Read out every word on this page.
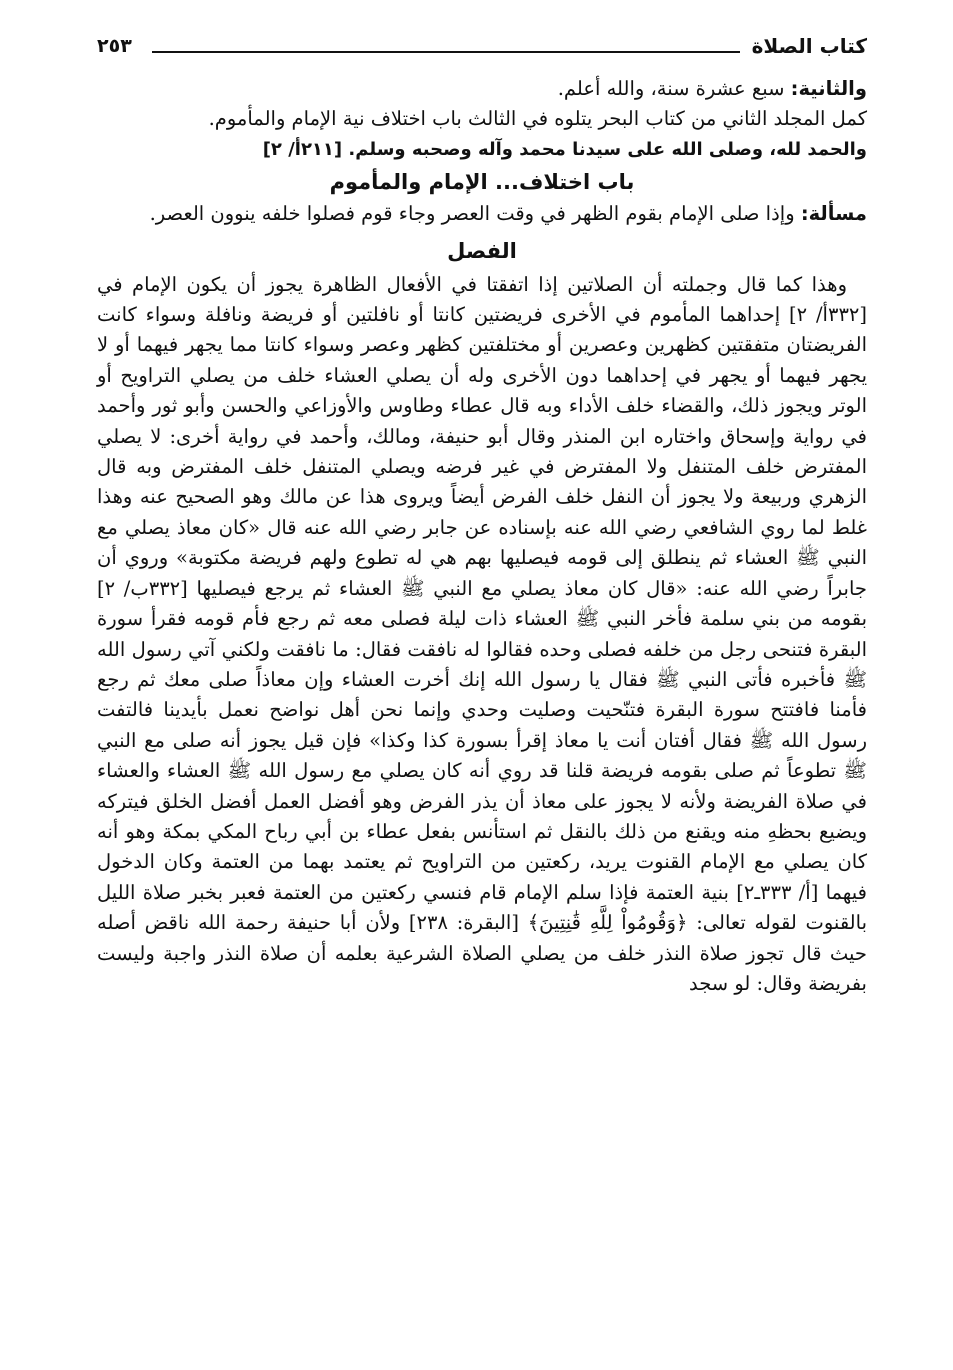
كتاب الصلاة
٢٥٣

والثانية: سبع عشرة سنة، والله أعلم.

كمل المجلد الثاني من كتاب البحر يتلوه في الثالث باب اختلاف نية الإمام والمأموم.

والحمد لله، وصلى الله على سيدنا محمد وآله وصحبه وسلم. [٢١١أ/ ٢]

باب اختلاف... الإمام والمأموم

مسألة: وإذا صلى الإمام بقوم الظهر في وقت العصر وجاء قوم فصلوا خلفه ينوون العصر.

الفصل

وهذا كما قال وجملته أن الصلاتين إذا اتفقتا في الأفعال الظاهرة يجوز أن يكون الإمام في [٣٣٢أ/ ٢] إحداهما المأموم في الأخرى فريضتين كانتا أو نافلتين أو فريضة ونافلة وسواء كانت الفريضتان متفقتين كظهرين وعصرين أو مختلفتين كظهر وعصر وسواء كانتا مما يجهر فيهما أو لا يجهر فيهما أو يجهر في إحداهما دون الأخرى وله أن يصلي العشاء خلف من يصلي التراويح أو الوتر ويجوز ذلك، والقضاء خلف الأداء وبه قال عطاء وطاوس والأوزاعي والحسن وأبو ثور وأحمد في رواية وإسحاق واختاره ابن المنذر وقال أبو حنيفة، ومالك، وأحمد في رواية أخرى: لا يصلي المفترض خلف المتنفل ولا المفترض في غير فرضه ويصلي المتنفل خلف المفترض وبه قال الزهري وربيعة ولا يجوز أن النفل خلف الفرض أيضاً ويروى هذا عن مالك وهو الصحيح عنه وهذا غلط لما روي الشافعي رضي الله عنه بإسناده عن جابر رضي الله عنه قال «كان معاذ يصلي مع النبي ﷺ العشاء ثم ينطلق إلى قومه فيصليها بهم هي له تطوع ولهم فريضة مكتوبة» وروي أن جابراً رضي الله عنه: «قال كان معاذ يصلي مع النبي ﷺ العشاء ثم يرجع فيصليها [٣٣٢ب/ ٢] بقومه من بني سلمة فأخر النبي ﷺ العشاء ذات ليلة فصلى معه ثم رجع فأم قومه فقرأ سورة البقرة فتنحى رجل من خلفه فصلى وحده فقالوا له نافقت فقال: ما نافقت ولكني آتي رسول الله ﷺ فأخبره فأتى النبي ﷺ فقال يا رسول الله إنك أخرت العشاء وإن معاذاً صلى معك ثم رجع فأمنا فافتتح سورة البقرة فتنّحيت وصليت وحدي وإنما نحن أهل نواضح نعمل بأيدينا فالتفت رسول الله ﷺ فقال أفتان أنت يا معاذ إقرأ بسورة كذا وكذا» فإن قيل يجوز أنه صلى مع النبي ﷺ تطوعاً ثم صلى بقومه فريضة قلنا قد روي أنه كان يصلي مع رسول الله ﷺ العشاء والعشاء في صلاة الفريضة ولأنه لا يجوز على معاذ أن يذر الفرض وهو أفضل العمل أفضل الخلق فيتركه ويضيع بحظهِ منه ويقنع من ذلك بالنقل ثم استأنس بفعل عطاء بن أبي رباح المكي بمكة وهو أنه كان يصلي مع الإمام القنوت يريد، ركعتين من التراويح ثم يعتمد بهما من العتمة وكان الدخول فيهما [أ/ ٣٣٣ـ٢] بنية العتمة فإذا سلم الإمام قام فنسي ركعتين من العتمة فعبر بخبر صلاة الليل بالقنوت لقوله تعالى: ﴿وَقُومُواْ لِلَّهِ قَٰنِتِينَ﴾ [البقرة: ٢٣٨] ولأن أبا حنيفة رحمة الله ناقض أصله حيث قال تجوز صلاة النذر خلف من يصلي الصلاة الشرعية بعلمه أن صلاة النذر واجبة وليست بفريضة وقال: لو سجد
